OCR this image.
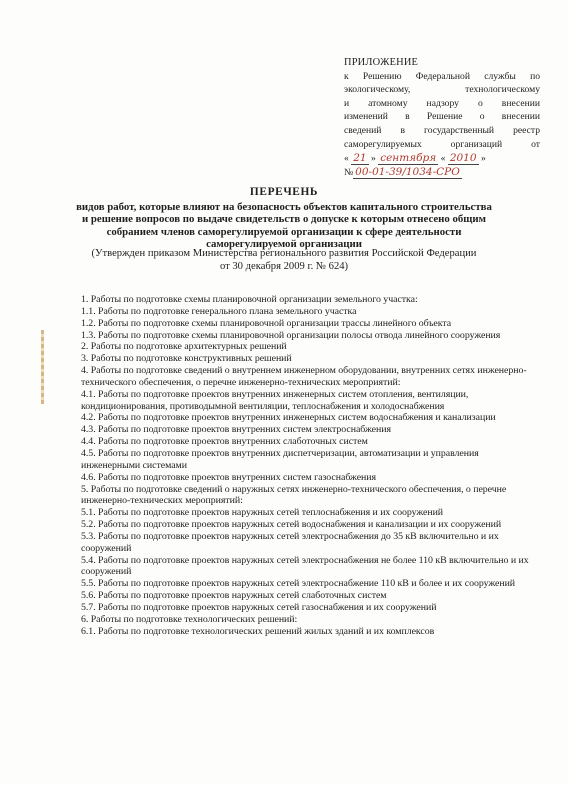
ПРИЛОЖЕНИЕ
к Решению Федеральной службы по
экологическому, технологическому
и атомному надзору о внесении
изменений в Решение о внесении
сведений в государственный реестр
саморегулируемых организаций от
« 21 » сентября « 2010 »
№ 00-01-39/1034-СРО
ПЕРЕЧЕНЬ
видов работ, которые влияют на безопасность объектов капитального строительства
и решение вопросов по выдаче свидетельств о допуске к которым отнесено общим
собранием членов саморегулируемой организации к сфере деятельности
саморегулируемой организации
(Утвержден приказом Министерства регионального развития Российской Федерации
от 30 декабря 2009 г. № 624)
1. Работы по подготовке схемы планировочной организации земельного участка:
1.1. Работы по подготовке генерального плана земельного участка
1.2. Работы по подготовке схемы планировочной организации трассы линейного объекта
1.3. Работы по подготовке схемы планировочной организации полосы отвода линейного сооружения
2. Работы по подготовке архитектурных решений
3. Работы по подготовке конструктивных решений
4. Работы по подготовке сведений о внутреннем инженерном оборудовании, внутренних сетях инженерно-технического обеспечения, о перечне инженерно-технических мероприятий:
4.1. Работы по подготовке проектов внутренних инженерных систем отопления, вентиляции, кондиционирования, противодымной вентиляции, теплоснабжения и холодоснабжения
4.2. Работы по подготовке проектов внутренних инженерных систем водоснабжения и канализации
4.3. Работы по подготовке проектов внутренних систем электроснабжения
4.4. Работы по подготовке проектов внутренних слаботочных систем
4.5. Работы по подготовке проектов внутренних диспетчеризации, автоматизации и управления инженерными системами
4.6. Работы по подготовке проектов внутренних систем газоснабжения
5. Работы по подготовке сведений о наружных сетях инженерно-технического обеспечения, о перечне инженерно-технических мероприятий:
5.1. Работы по подготовке проектов наружных сетей теплоснабжения и их сооружений
5.2. Работы по подготовке проектов наружных сетей водоснабжения и канализации и их сооружений
5.3. Работы по подготовке проектов наружных сетей электроснабжения до 35 кВ включительно и их сооружений
5.4. Работы по подготовке проектов наружных сетей электроснабжения не более 110 кВ включительно и их сооружений
5.5. Работы по подготовке проектов наружных сетей электроснабжение 110 кВ и более и их сооружений
5.6. Работы по подготовке проектов наружных сетей слаботочных систем
5.7. Работы по подготовке проектов наружных сетей газоснабжения и их сооружений
6. Работы по подготовке технологических решений:
6.1. Работы по подготовке технологических решений жилых зданий и их комплексов
